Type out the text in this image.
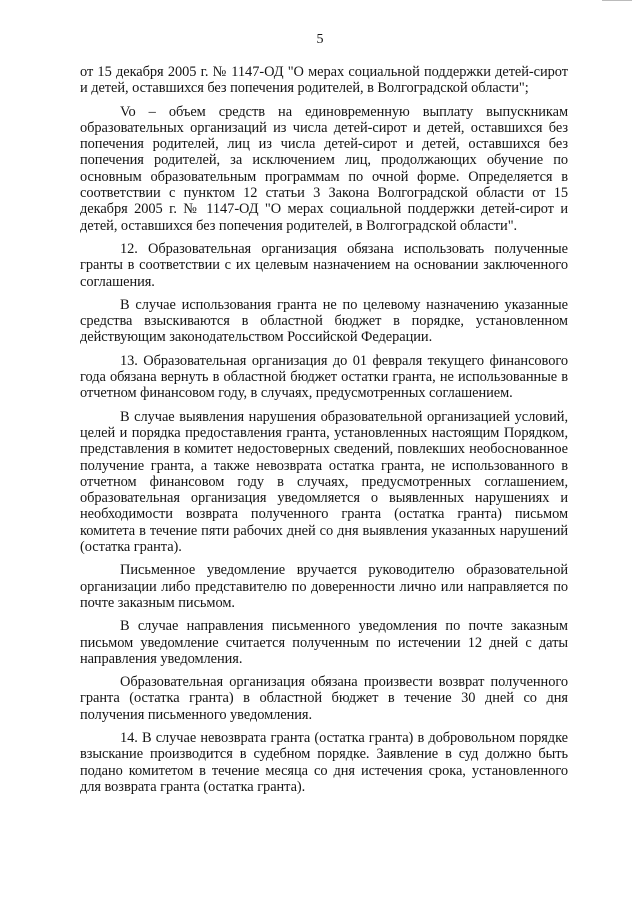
5

от 15 декабря 2005 г. № 1147-ОД "О мерах социальной поддержки детей-сирот и детей, оставшихся без попечения родителей, в Волгоградской области";

Vo – объем средств на единовременную выплату выпускникам образовательных организаций из числа детей-сирот и детей, оставшихся без попечения родителей, лиц из числа детей-сирот и детей, оставшихся без попечения родителей, за исключением лиц, продолжающих обучение по основным образовательным программам по очной форме. Определяется в соответствии с пунктом 12 статьи 3 Закона Волгоградской области от 15 декабря 2005 г. № 1147-ОД "О мерах социальной поддержки детей-сирот и детей, оставшихся без попечения родителей, в Волгоградской области".

12. Образовательная организация обязана использовать полученные гранты в соответствии с их целевым назначением на основании заключенного соглашения.

В случае использования гранта не по целевому назначению указанные средства взыскиваются в областной бюджет в порядке, установленном действующим законодательством Российской Федерации.

13. Образовательная организация до 01 февраля текущего финансового года обязана вернуть в областной бюджет остатки гранта, не использованные в отчетном финансовом году, в случаях, предусмотренных соглашением.

В случае выявления нарушения образовательной организацией условий, целей и порядка предоставления гранта, установленных настоящим Порядком, представления в комитет недостоверных сведений, повлекших необоснованное получение гранта, а также невозврата остатка гранта, не использованного в отчетном финансовом году в случаях, предусмотренных соглашением, образовательная организация уведомляется о выявленных нарушениях и необходимости возврата полученного гранта (остатка гранта) письмом комитета в течение пяти рабочих дней со дня выявления указанных нарушений (остатка гранта).

Письменное уведомление вручается руководителю образовательной организации либо представителю по доверенности лично или направляется по почте заказным письмом.

В случае направления письменного уведомления по почте заказным письмом уведомление считается полученным по истечении 12 дней с даты направления уведомления.

Образовательная организация обязана произвести возврат полученного гранта (остатка гранта) в областной бюджет в течение 30 дней со дня получения письменного уведомления.

14. В случае невозврата гранта (остатка гранта) в добровольном порядке взыскание производится в судебном порядке. Заявление в суд должно быть подано комитетом в течение месяца со дня истечения срока, установленного для возврата гранта (остатка гранта).
